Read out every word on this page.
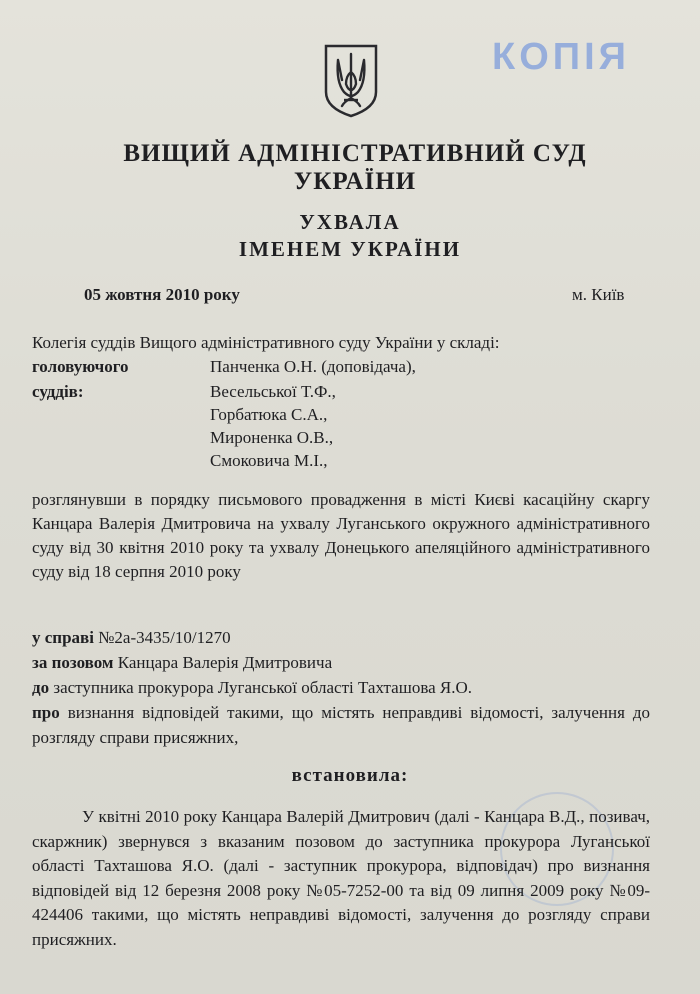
КОПІЯ
ВИЩИЙ АДМІНІСТРАТИВНИЙ СУД УКРАЇНИ
УХВАЛА
ІМЕНЕМ УКРАЇНИ
05 жовтня 2010 року	м. Київ
Колегія суддів Вищого адміністративного суду України у складі:
головуючого
суддів:
Панченка О.Н. (доповідача),
Весельської Т.Ф.,
Горбатюка С.А.,
Мироненка О.В.,
Смоковича М.І.,
розглянувши в порядку письмового провадження в місті Києві касаційну скаргу Канцара Валерія Дмитровича на ухвалу Луганського окружного адміністративного суду від 30 квітня 2010 року та ухвалу Донецького апеляційного адміністративного суду від 18 серпня 2010 року
у справі №2а-3435/10/1270
за позовом Канцара Валерія Дмитровича
до заступника прокурора Луганської області Тахташова Я.О.
про визнання відповідей такими, що містять неправдиві відомості, залучення до розгляду справи присяжних,
встановила:
У квітні 2010 року Канцара Валерій Дмитрович (далі - Канцара В.Д., позивач, скаржник) звернувся з вказаним позовом до заступника прокурора Луганської області Тахташова Я.О. (далі - заступник прокурора, відповідач) про визнання відповідей від 12 березня 2008 року №05-7252-00 та від 09 липня 2009 року №09-424406 такими, що містять неправдиві відомості, залучення до розгляду справи присяжних.
